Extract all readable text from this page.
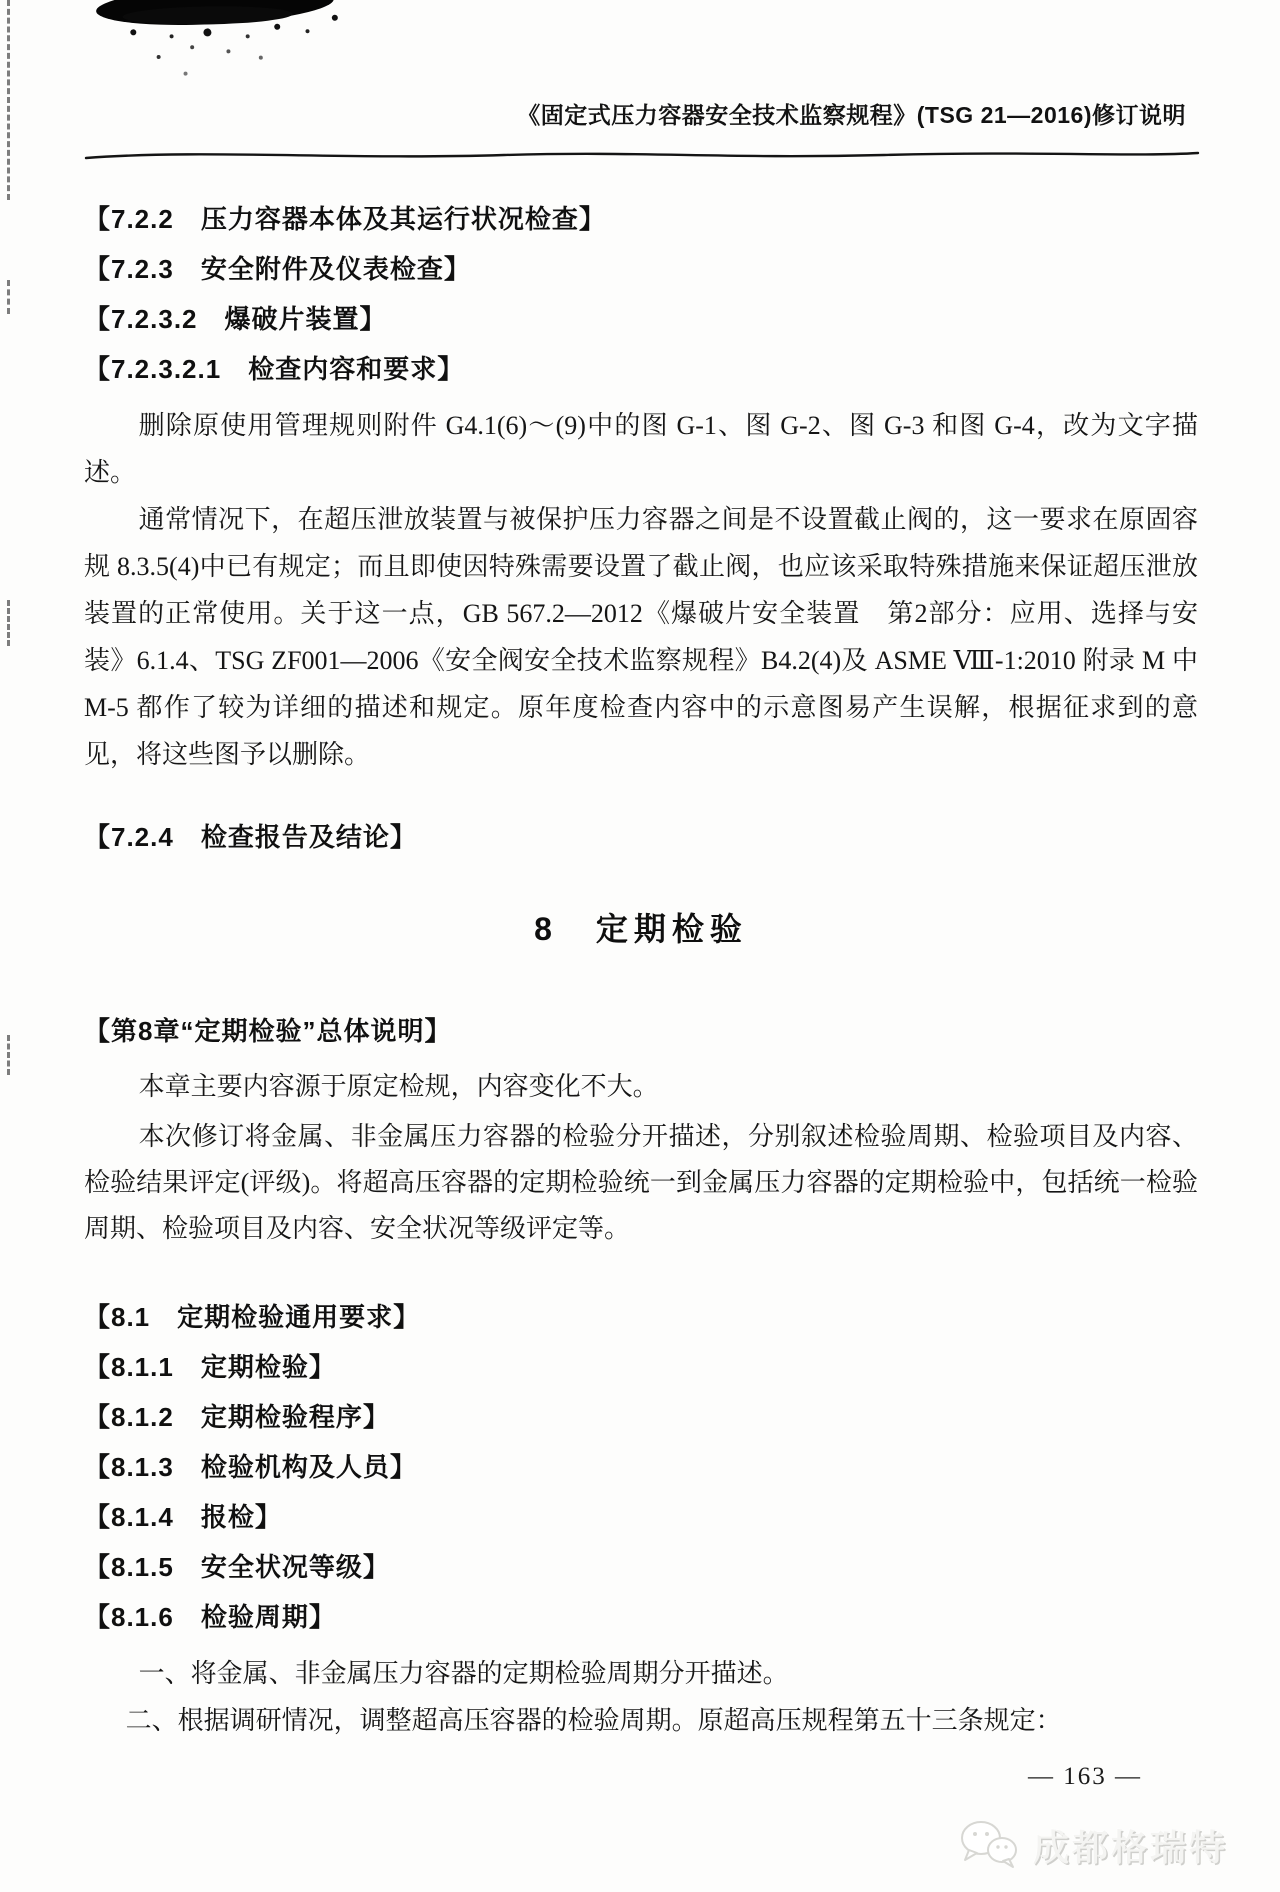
《固定式压力容器安全技术监察规程》(TSG 21—2016)修订说明
【7.2.2　压力容器本体及其运行状况检查】
【7.2.3　安全附件及仪表检查】
【7.2.3.2　爆破片装置】
【7.2.3.2.1　检查内容和要求】

删除原使用管理规则附件 G4.1(6)～(9)中的图 G-1、图 G-2、图 G-3 和图 G-4，改为文字描述。

通常情况下，在超压泄放装置与被保护压力容器之间是不设置截止阀的，这一要求在原固容规 8.3.5(4)中已有规定；而且即使因特殊需要设置了截止阀，也应该采取特殊措施来保证超压泄放装置的正常使用。关于这一点，GB 567.2—2012《爆破片安全装置　第2部分：应用、选择与安装》6.1.4、TSG ZF001—2006《安全阀安全技术监察规程》B4.2(4)及 ASME Ⅷ-1:2010 附录 M 中 M-5 都作了较为详细的描述和规定。原年度检查内容中的示意图易产生误解，根据征求到的意见，将这些图予以删除。

【7.2.4　检查报告及结论】
8　定期检验
【第8章“定期检验”总体说明】

本章主要内容源于原定检规，内容变化不大。

本次修订将金属、非金属压力容器的检验分开描述，分别叙述检验周期、检验项目及内容、检验结果评定(评级)。将超高压容器的定期检验统一到金属压力容器的定期检验中，包括统一检验周期、检验项目及内容、安全状况等级评定等。

【8.1　定期检验通用要求】
【8.1.1　定期检验】
【8.1.2　定期检验程序】
【8.1.3　检验机构及人员】
【8.1.4　报检】
【8.1.5　安全状况等级】
【8.1.6　检验周期】

一、将金属、非金属压力容器的定期检验周期分开描述。

二、根据调研情况，调整超高压容器的检验周期。原超高压规程第五十三条规定：

— 163 —
成都格瑞特
